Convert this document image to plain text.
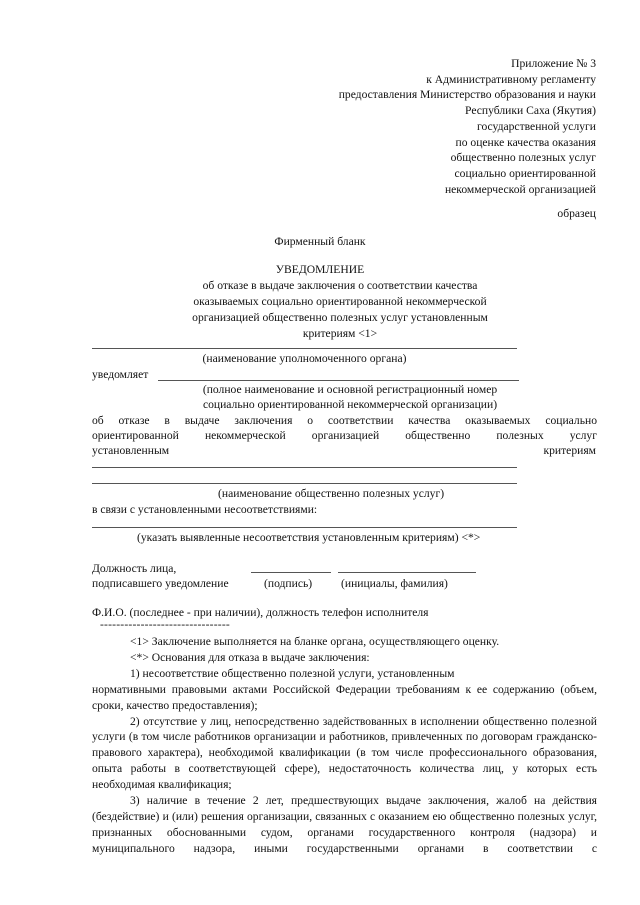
Приложение № 3
к Административному регламенту
предоставления Министерство образования и науки
Республики Саха (Якутия)
государственной услуги
по оценке качества оказания
общественно полезных услуг
социально ориентированной
некоммерческой организацией
образец
Фирменный бланк
УВЕДОМЛЕНИЕ
об отказе в выдаче заключения о соответствии качества
оказываемых социально ориентированной некоммерческой
организацией общественно полезных услуг установленным
критериям <1>
(наименование уполномоченного органа)
уведомляет
(полное наименование и основной регистрационный номер
социально ориентированной некоммерческой организации)
об отказе в выдаче заключения о соответствии качества оказываемых социально
ориентированной некоммерческой организацией общественно полезных услуг
установленным	критериям
(наименование общественно полезных услуг)
в связи с установленными несоответствиями:
(указать выявленные несоответствия установленным критериям) <*>
Должность лица,
подписавшего уведомление	(подпись) (инициалы, фамилия)
Ф.И.О. (последнее - при наличии), должность телефон исполнителя
--------------------------------

<1> Заключение выполняется на бланке органа, осуществляющего оценку.

<*> Основания для отказа в выдаче заключения:

1) несоответствие общественно полезной услуги, установленным

нормативными правовыми актами Российской Федерации требованиям к ее содержанию (объем, сроки, качество предоставления);

2) отсутствие у лиц, непосредственно задействованных в исполнении общественно полезной услуги (в том числе работников организации и работников, привлеченных по договорам гражданско-правового характера), необходимой квалификации (в том числе профессионального образования, опыта работы в соответствующей сфере), недостаточность количества лиц, у которых есть необходимая квалификация;

3) наличие в течение 2 лет, предшествующих выдаче заключения, жалоб на действия (бездействие) и (или) решения организации, связанных с оказанием ею общественно полезных услуг, признанных обоснованными судом, органами государственного контроля (надзора) и муниципального надзора, иными государственными органами в соответствии с
